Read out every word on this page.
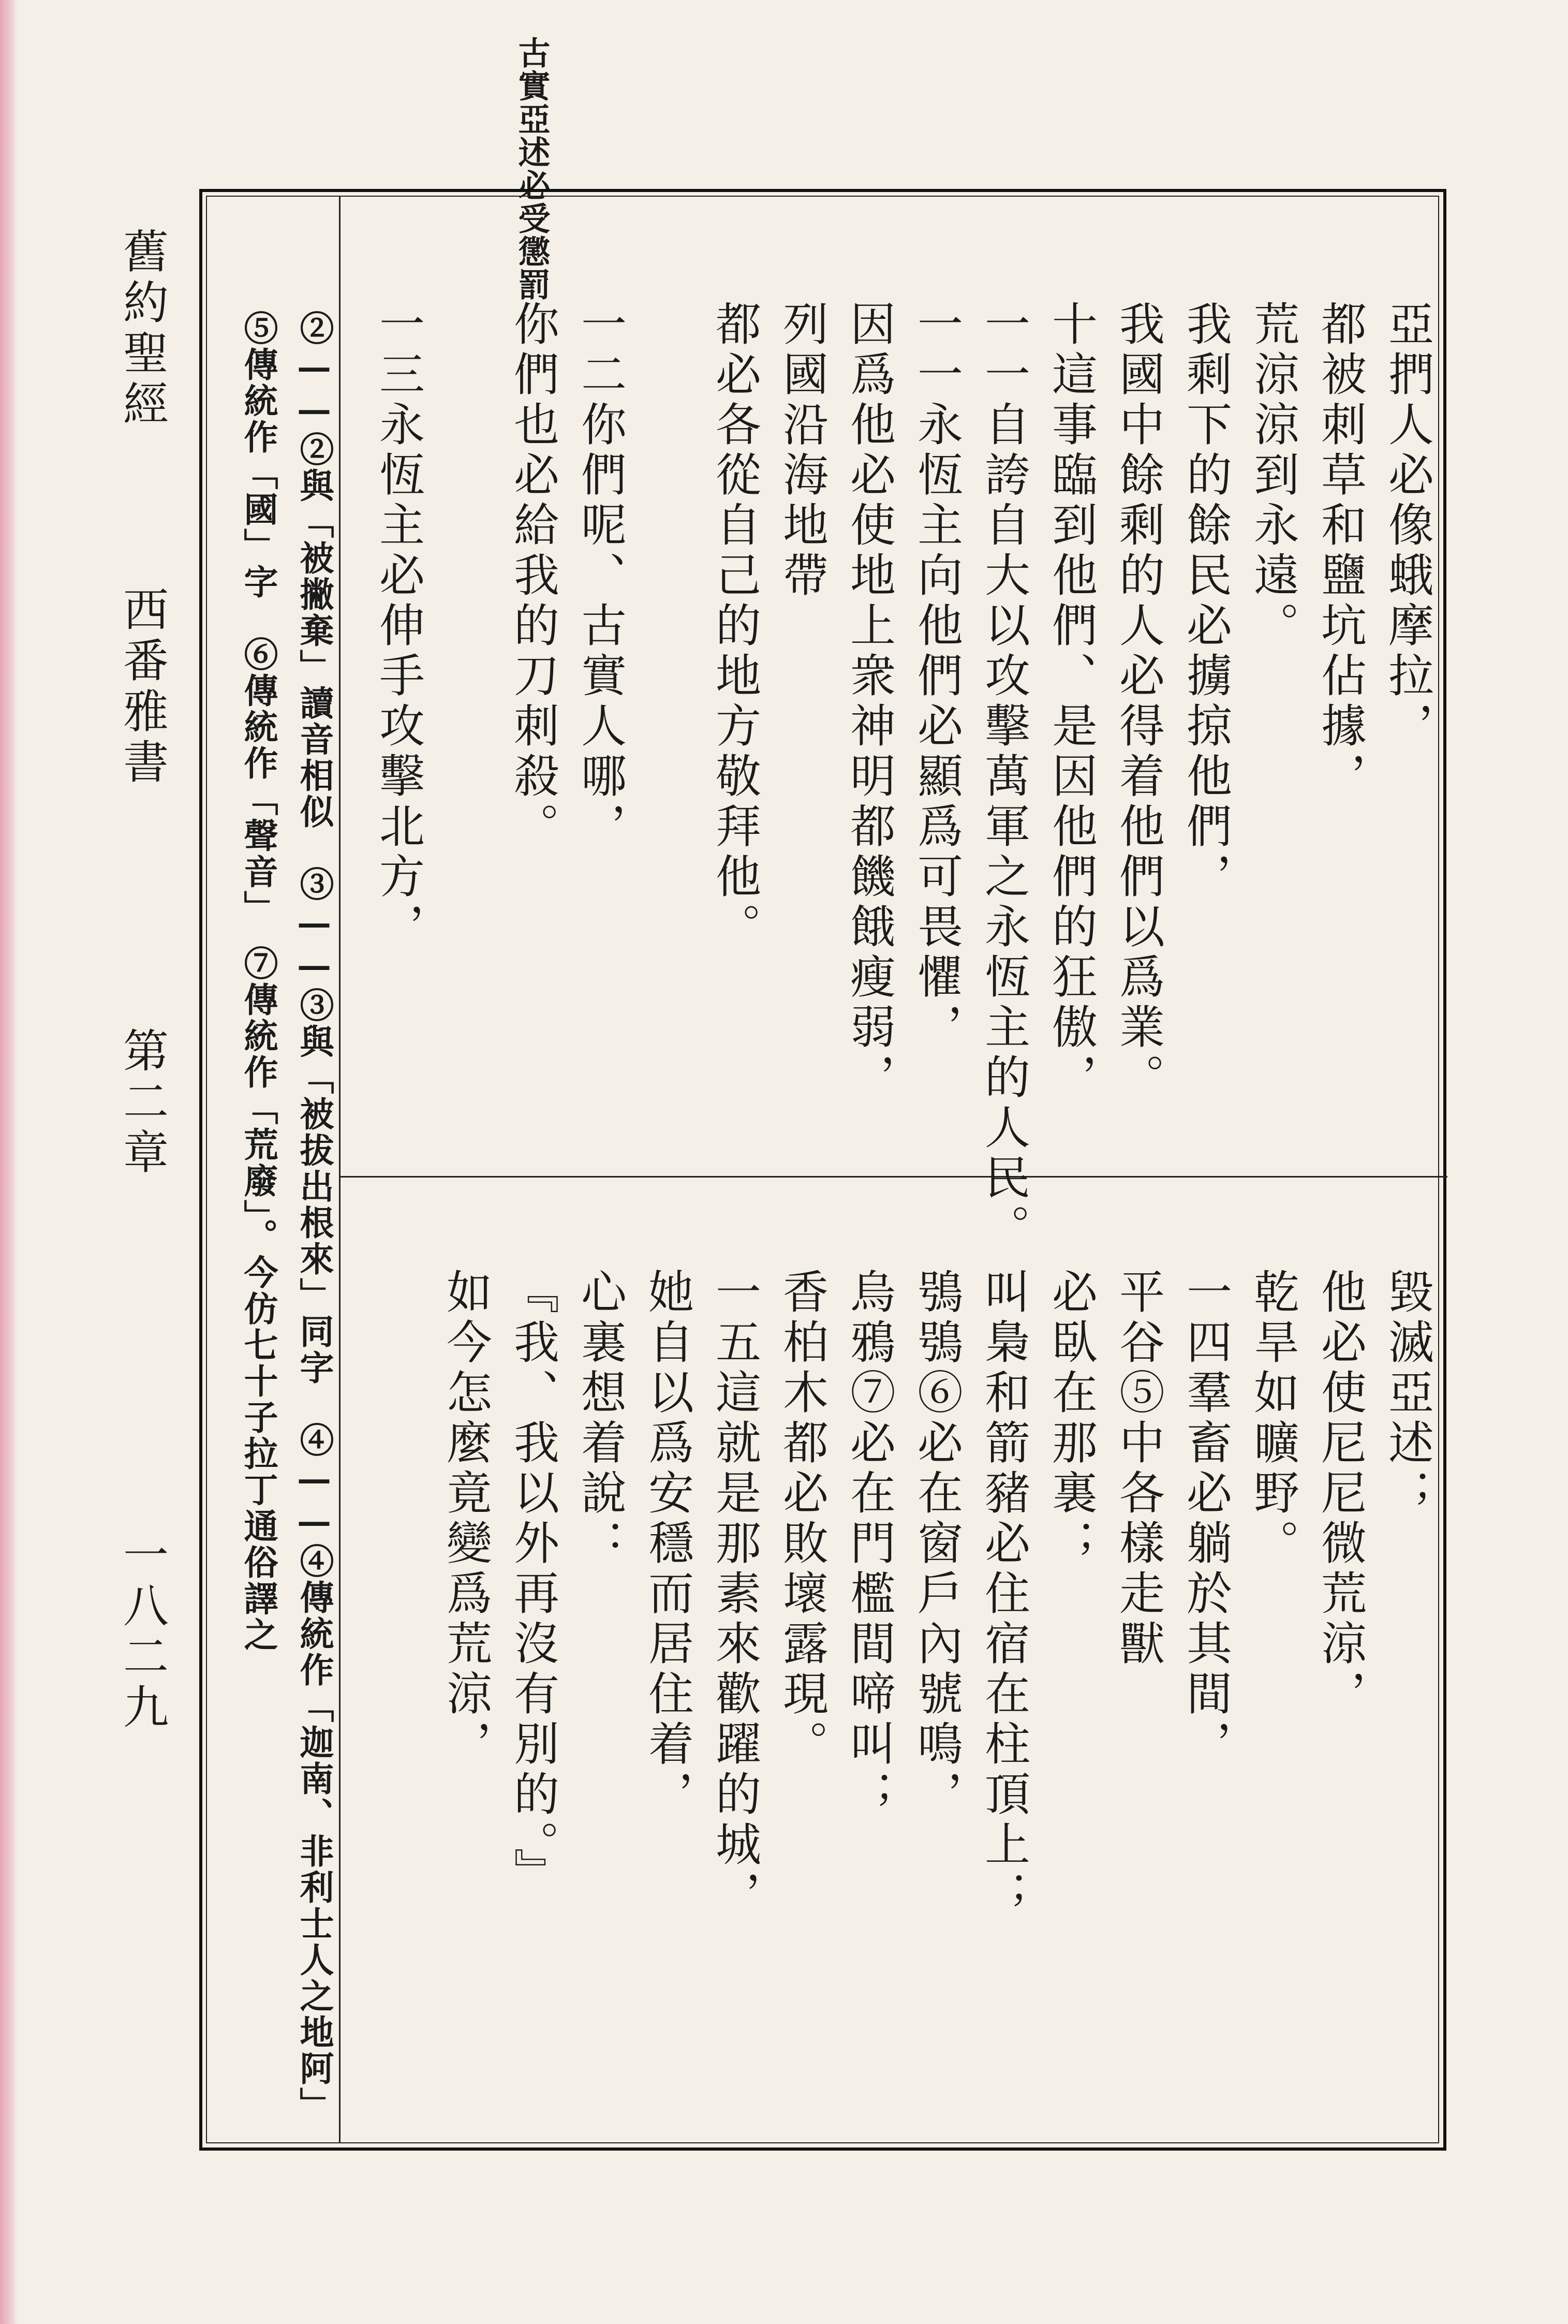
古實亞述必受懲罰
亞捫人必像蛾摩拉，
都被刺草和鹽坑佔據，
荒涼涼到永遠。
我剩下的餘民必擄掠他們，
我國中餘剩的人必得着他們以爲業。
十這事臨到他們、是因他們的狂傲，
一一自誇自大以攻擊萬軍之永恆主的人民。
一一永恆主向他們必顯爲可畏懼，
因爲他必使地上衆神明都饑餓瘦弱，
列國沿海地帶
都必各從自己的地方敬拜他。
一二你們呢、古實人哪，
你們也必給我的刀刺殺。
一三永恆主必伸手攻擊北方，
毀滅亞述；
他必使尼尼微荒涼，
乾旱如曠野。
一四羣畜必躺於其間，
平谷⑤中各樣走獸
必臥在那裏；
叫梟和箭豬必住宿在柱頂上；
鴞鴞⑥必在窗戶內號鳴，
烏鴉⑦必在門檻間啼叫；
香柏木都必敗壞露現。
一五這就是那素來歡躍的城，
她自以爲安穩而居住着，
心裏想着說：
『我、我以外再沒有別的。』
如今怎麼竟變爲荒涼，
②——②與「被撇棄」讀音相似　③——③與「被拔出根來」同字　④——④傳統作「迦南、非利士人之地阿」
⑤傳統作「國」字　⑥傳統作「聲音」　⑦傳統作「荒廢」。今仿七十子拉丁通俗譯之
舊約聖經西番雅書第二章一八二九
